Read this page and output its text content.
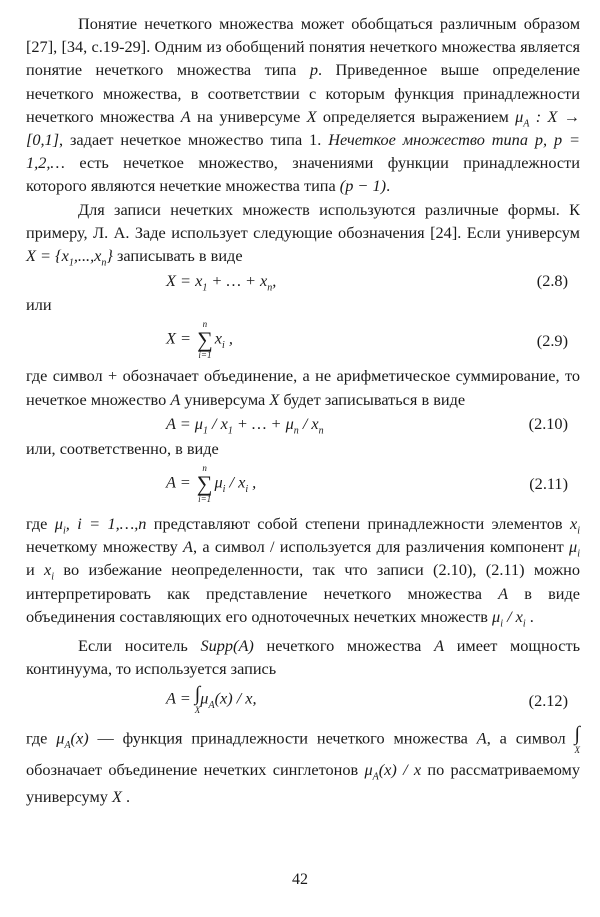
Понятие нечеткого множества может обобщаться различным образом [27], [34, с.19-29]. Одним из обобщений понятия нечеткого множества является понятие нечеткого множества типа p. Приведенное выше определение нечеткого множества, в соответствии с которым функция принадлежности нечеткого множества A на универсуме X определяется выражением $\mu_A$ : X → [0,1], задает нечеткое множество типа 1. Нечеткое множество типа p, p = 1,2,… есть нечеткое множество, значениями функции принадлежности которого являются нечеткие множества типа (p − 1).

Для записи нечетких множеств используются различные формы. К примеру, Л. А. Заде использует следующие обозначения [24]. Если универсум $X = \{x_1,...,x_n\}$ записывать в виде

$X = x_1$ + … + $x_n$,	(2.8)

или

X =
n
∑
i=1
$x_i$ ,	(2.9)

где символ + обозначает объединение, а не арифметическое суммирование, то нечеткое множество A универсума X будет записываться в виде

$A = \mu_1 / x_1$ + … + $\mu_n / x_n$	(2.10)

или, соответственно, в виде

A =
n
∑
i=1
$\mu_i / x_i$ ,	(2.11)

где $\mu_i$, i = 1,…,n представляют собой степени принадлежности элементов $x_i$ нечеткому множеству A, а символ / используется для различения компонент $\mu_i$ и $x_i$ во избежание неопределенности, так что записи (2.10), (2.11) можно интерпретировать как представление нечеткого множества A в виде объединения составляющих его одноточечных нечетких множеств $\mu_i / x_i$ .

Если носитель Supp(A) нечеткого множества A имеет мощность континуума, то используется запись

A = ∫
X
$\mu_A(x)$ / x,	(2.12)

где $\mu_A(x)$ — функция принадлежности нечеткого множества A, а символ ∫
X
обозначает объединение нечетких синглетонов $\mu_A(x)$ / x по рассматриваемому универсуму X .

42
